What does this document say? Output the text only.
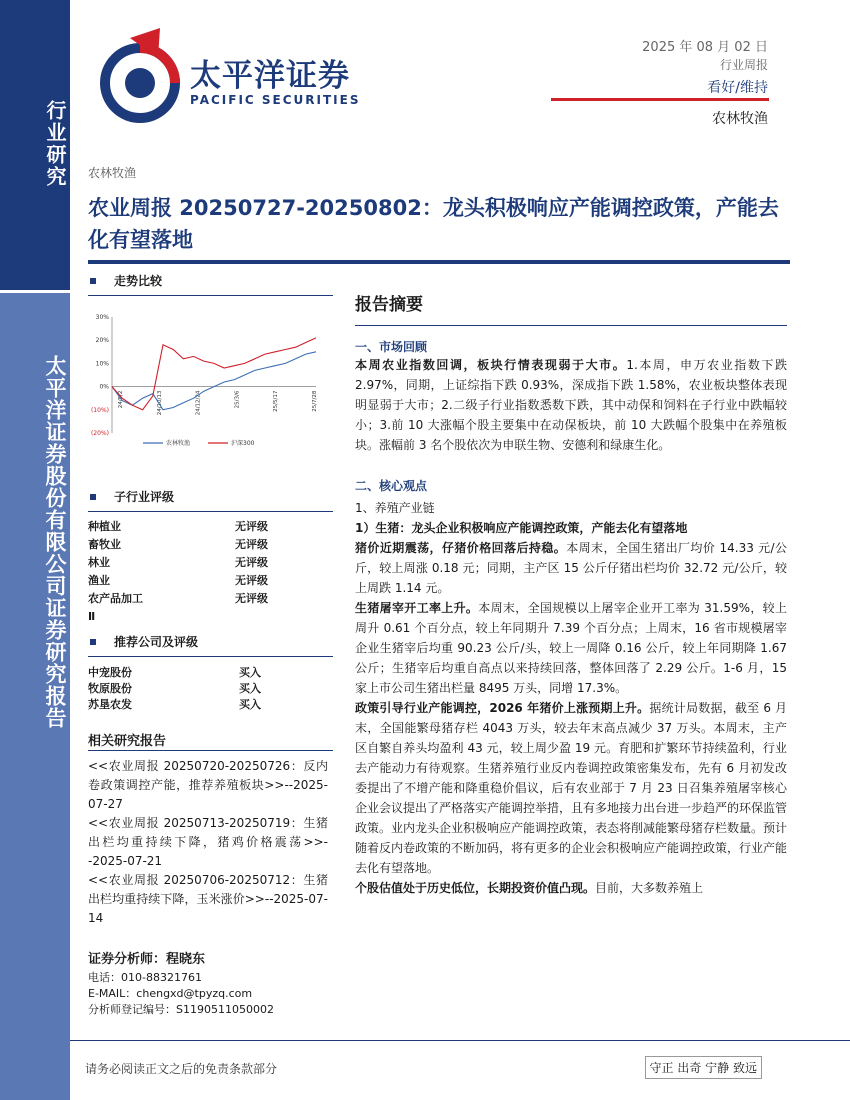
行业研究
太平洋证券股份有限公司证券研究报告
太平洋证券
PACIFIC SECURITIES
2025 年 08 月 02 日
行业周报
看好/维持
农林牧渔
农林牧渔
农业周报 20250727-20250802：龙头积极响应产能调控政策，产能去化有望落地
走势比较
30%
20%
10%
0%
(10%)
(20%)
24/8/2	24/10/13	24/12/24	25/3/6	25/5/17	25/7/28
农林牧渔	沪深300
子行业评级
种植业	无评级
畜牧业	无评级
林业	无评级
渔业	无评级
农产品加工	无评级
Ⅱ
推荐公司及评级
中宠股份	买入
牧原股份	买入
苏垦农发	买入
相关研究报告

<<农业周报 20250720-20250726：反内卷政策调控产能，推荐养殖板块>>--2025-07-27

<<农业周报 20250713-20250719：生猪出栏均重持续下降，猪鸡价格震荡>>--2025-07-21

<<农业周报 20250706-20250712：生猪出栏均重持续下降，玉米涨价>>--2025-07-14

证券分析师：程晓东
电话：010-88321761
E-MAIL：chengxd@tpyzq.com
分析师登记编号：S1190511050002
报告摘要
一、市场回顾

本周农业指数回调，板块行情表现弱于大市。1.本周，申万农业指数下跌 2.97%，同期，上证综指下跌 0.93%，深成指下跌 1.58%，农业板块整体表现明显弱于大市；2.二级子行业指数悉数下跌，其中动保和饲料在子行业中跌幅较小；3.前 10 大涨幅个股主要集中在动保板块，前 10 大跌幅个股集中在养殖板块。涨幅前 3 名个股依次为申联生物、安德利和绿康生化。

二、核心观点

1、养殖产业链

1）生猪：龙头企业积极响应产能调控政策，产能去化有望落地

猪价近期震荡，仔猪价格回落后持稳。本周末，全国生猪出厂均价 14.33 元/公斤，较上周涨 0.18 元；同期，主产区 15 公斤仔猪出栏均价 32.72 元/公斤，较上周跌 1.14 元。

生猪屠宰开工率上升。本周末，全国规模以上屠宰企业开工率为 31.59%，较上周升 0.61 个百分点，较上年同期升 7.39 个百分点；上周末，16 省市规模屠宰企业生猪宰后均重 90.23 公斤/头，较上一周降 0.16 公斤，较上年同期降 1.67 公斤；生猪宰后均重自高点以来持续回落，整体回落了 2.29 公斤。1-6 月，15 家上市公司生猪出栏量 8495 万头，同增 17.3%。

政策引导行业产能调控，2026 年猪价上涨预期上升。据统计局数据，截至 6 月末，全国能繁母猪存栏 4043 万头，较去年末高点减少 37 万头。本周末，主产区自繁自养头均盈利 43 元，较上周少盈 19 元。育肥和扩繁环节持续盈利，行业去产能动力有待观察。生猪养殖行业反内卷调控政策密集发布，先有 6 月初发改委提出了不增产能和降重稳价倡议，后有农业部于 7 月 23 日召集养殖屠宰核心企业会议提出了严格落实产能调控举措，且有多地接力出台进一步趋严的环保监管政策。业内龙头企业积极响应产能调控政策，表态将削减能繁母猪存栏数量。预计随着反内卷政策的不断加码，将有更多的企业会积极响应产能调控政策，行业产能去化有望落地。

个股估值处于历史低位，长期投资价值凸现。目前，大多数养殖上

请务必阅读正文之后的免责条款部分	守正 出奇 宁静 致远
